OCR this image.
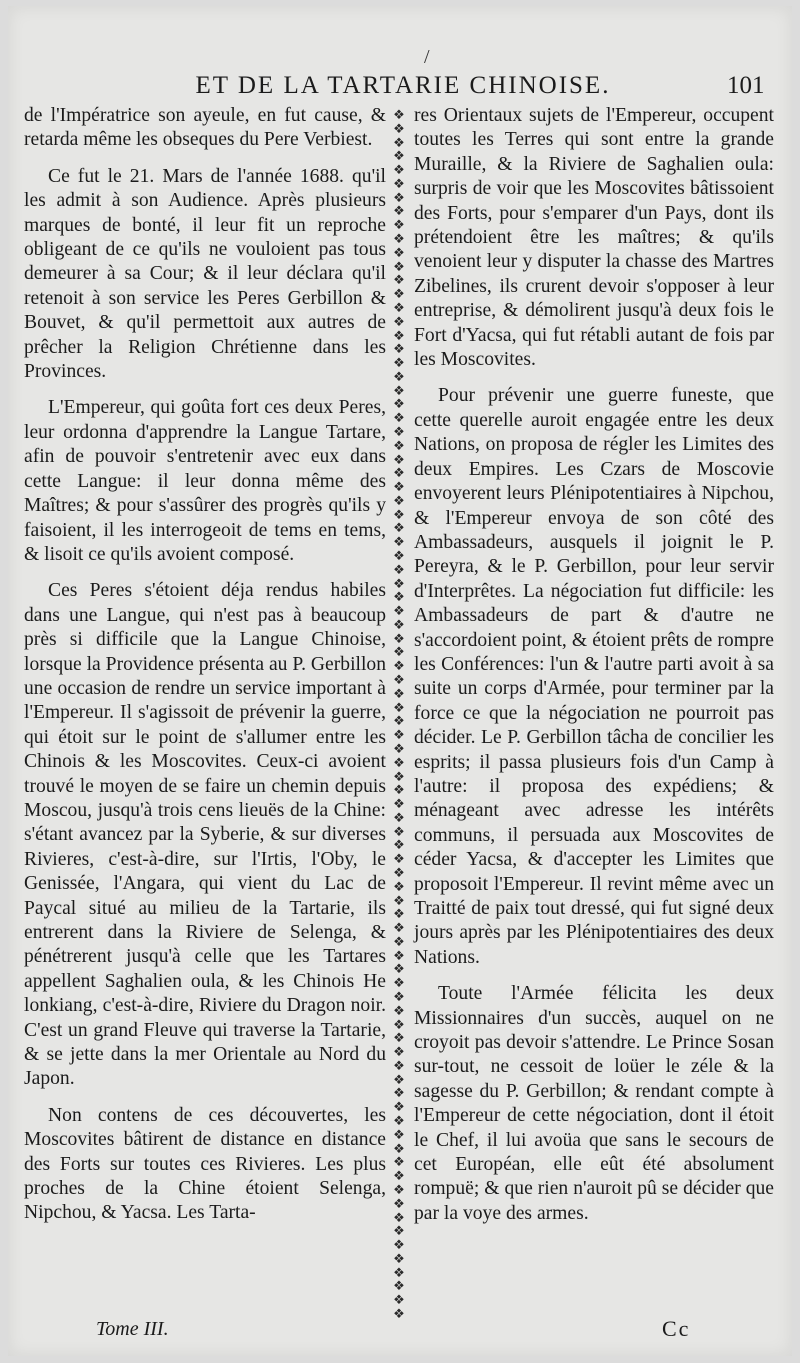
/
ET DE LA TARTARIE CHINOISE.	101

de l'Impératrice son ayeule, en fut cause, & retarda même les obseques du Pere Verbiest.

Ce fut le 21. Mars de l'année 1688. qu'il les admit à son Audience. Après plusieurs marques de bonté, il leur fit un reproche obligeant de ce qu'ils ne vouloient pas tous demeurer à sa Cour; & il leur déclara qu'il retenoit à son service les Peres Gerbillon & Bouvet, & qu'il permettoit aux autres de prêcher la Religion Chrétienne dans les Provinces.

L'Empereur, qui goûta fort ces deux Peres, leur ordonna d'apprendre la Langue Tartare, afin de pouvoir s'entretenir avec eux dans cette Langue: il leur donna même des Maîtres; & pour s'assûrer des progrès qu'ils y faisoient, il les interrogeoit de tems en tems, & lisoit ce qu'ils avoient composé.

Ces Peres s'étoient déja rendus habiles dans une Langue, qui n'est pas à beaucoup près si difficile que la Langue Chinoise, lorsque la Providence présenta au P. Gerbillon une occasion de rendre un service important à l'Empereur. Il s'agissoit de prévenir la guerre, qui étoit sur le point de s'allumer entre les Chinois & les Moscovites. Ceux-ci avoient trouvé le moyen de se faire un chemin depuis Moscou, jusqu'à trois cens lieuës de la Chine: s'étant avancez par la Syberie, & sur diverses Rivieres, c'est-à-dire, sur l'Irtis, l'Oby, le Genissée, l'Angara, qui vient du Lac de Paycal situé au milieu de la Tartarie, ils entrerent dans la Riviere de Selenga, & pénétrerent jusqu'à celle que les Tartares appellent Saghalien oula, & les Chinois He lonkiang, c'est-à-dire, Riviere du Dragon noir. C'est un grand Fleuve qui traverse la Tartarie, & se jette dans la mer Orientale au Nord du Japon.

Non contens de ces découvertes, les Moscovites bâtirent de distance en distance des Forts sur toutes ces Rivieres. Les plus proches de la Chine étoient Selenga, Nipchou, & Yacsa. Les Tarta-

❖
❖
❖
❖
❖
❖
❖
❖
❖
❖
❖
❖
❖
❖
❖
❖
❖
❖
❖
❖
❖
❖
❖
❖
❖
❖
❖
❖
❖
❖
❖
❖
❖
❖
❖
❖
❖
❖
❖
❖
❖
❖
❖
❖
❖
❖
❖
❖
❖
❖
❖
❖
❖
❖
❖
❖
❖
❖
❖
❖
❖
❖
❖
❖
❖
❖
❖
❖
❖
❖
❖
❖
❖
❖
❖
❖
❖
❖
❖
❖
❖
❖
❖
❖
❖
❖
❖
❖

res Orientaux sujets de l'Empereur, occupent toutes les Terres qui sont entre la grande Muraille, & la Riviere de Saghalien oula: surpris de voir que les Moscovites bâtissoient des Forts, pour s'emparer d'un Pays, dont ils prétendoient être les maîtres; & qu'ils venoient leur y disputer la chasse des Martres Zibelines, ils crurent devoir s'opposer à leur entreprise, & démolirent jusqu'à deux fois le Fort d'Yacsa, qui fut rétabli autant de fois par les Moscovites.

Pour prévenir une guerre funeste, que cette querelle auroit engagée entre les deux Nations, on proposa de régler les Limites des deux Empires. Les Czars de Moscovie envoyerent leurs Plénipotentiaires à Nipchou, & l'Empereur envoya de son côté des Ambassadeurs, ausquels il joignit le P. Pereyra, & le P. Gerbillon, pour leur servir d'Interprêtes. La négociation fut difficile: les Ambassadeurs de part & d'autre ne s'accordoient point, & étoient prêts de rompre les Conférences: l'un & l'autre parti avoit à sa suite un corps d'Armée, pour terminer par la force ce que la négociation ne pourroit pas décider. Le P. Gerbillon tâcha de concilier les esprits; il passa plusieurs fois d'un Camp à l'autre: il proposa des expédiens; & ménageant avec adresse les intérêts communs, il persuada aux Moscovites de céder Yacsa, & d'accepter les Limites que proposoit l'Empereur. Il revint même avec un Traitté de paix tout dressé, qui fut signé deux jours après par les Plénipotentiaires des deux Nations.

Toute l'Armée félicita les deux Missionnaires d'un succès, auquel on ne croyoit pas devoir s'attendre. Le Prince Sosan sur-tout, ne cessoit de loüer le zéle & la sagesse du P. Gerbillon; & rendant compte à l'Empereur de cette négociation, dont il étoit le Chef, il lui avoüa que sans le secours de cet Européan, elle eût été absolument rompuë; & que rien n'auroit pû se décider que par la voye des armes.

Tome III.	Cc
